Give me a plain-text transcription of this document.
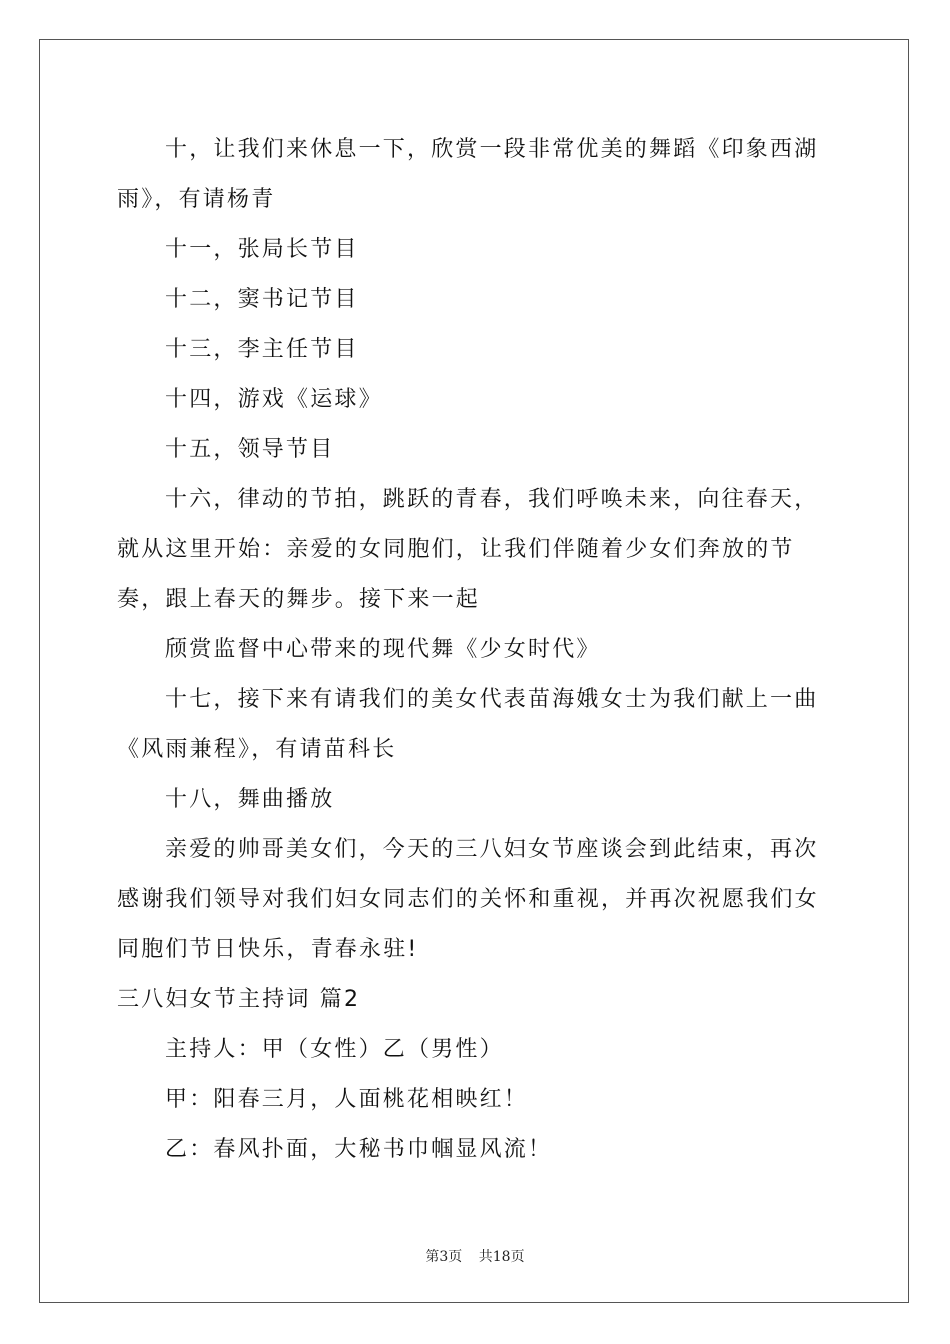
十，让我们来休息一下，欣赏一段非常优美的舞蹈《印象西湖雨》，有请杨青

十一，张局长节目

十二，窦书记节目

十三，李主任节目

十四，游戏《运球》

十五，领导节目

十六，律动的节拍，跳跃的青春，我们呼唤未来，向往春天，就从这里开始：亲爱的女同胞们，让我们伴随着少女们奔放的节奏，跟上春天的舞步。接下来一起

颀赏监督中心带来的现代舞《少女时代》

十七，接下来有请我们的美女代表苗海娥女士为我们献上一曲《风雨兼程》，有请苗科长

十八，舞曲播放

亲爱的帅哥美女们，今天的三八妇女节座谈会到此结束，再次感谢我们领导对我们妇女同志们的关怀和重视，并再次祝愿我们女同胞们节日快乐，青春永驻!

三八妇女节主持词 篇2

主持人：甲（女性）乙（男性）

甲：阳春三月，人面桃花相映红！

乙：春风扑面，大秘书巾帼显风流！

第3页 共18页
